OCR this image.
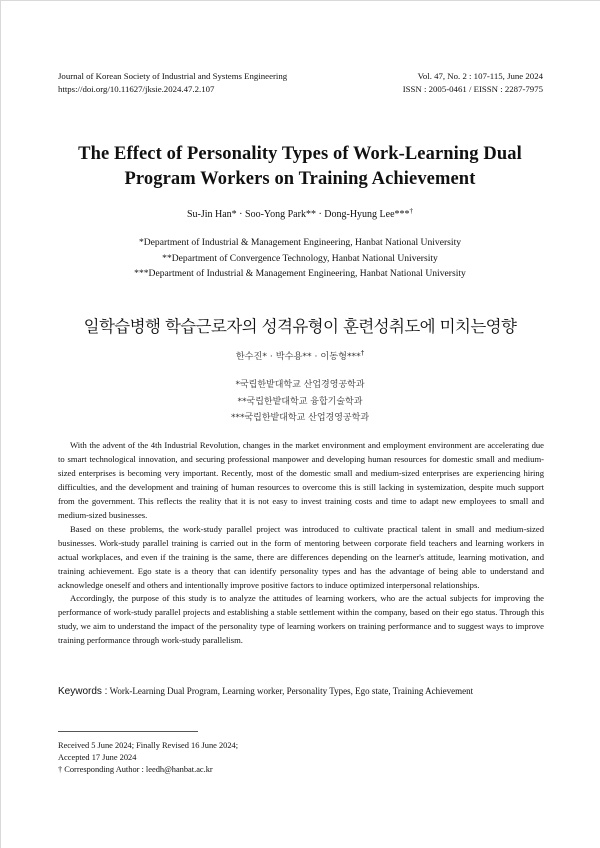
Journal of Korean Society of Industrial and Systems Engineering
https://doi.org/10.11627/jksie.2024.47.2.107
Vol. 47, No. 2 : 107-115, June 2024
ISSN : 2005-0461 / EISSN : 2287-7975
The Effect of Personality Types of Work-Learning Dual
Program Workers on Training Achievement
Su-Jin Han* · Soo-Yong Park** · Dong-Hyung Lee***†
*Department of Industrial & Management Engineering, Hanbat National University
**Department of Convergence Technology, Hanbat National University
***Department of Industrial & Management Engineering, Hanbat National University
일학습병행 학습근로자의 성격유형이 훈련성취도에 미치는영향
한수진* · 박수용** · 이동형***†
*국립한밭대학교 산업경영공학과
**국립한밭대학교 융합기술학과
***국립한밭대학교 산업경영공학과

With the advent of the 4th Industrial Revolution, changes in the market environment and employment environment are accelerating due to smart technological innovation, and securing professional manpower and developing human resources for domestic small and medium-sized enterprises is becoming very important. Recently, most of the domestic small and medium-sized enterprises are experiencing hiring difficulties, and the development and training of human resources to overcome this is still lacking in systemization, despite much support from the government. This reflects the reality that it is not easy to invest training costs and time to adapt new employees to small and medium-sized businesses.

Based on these problems, the work-study parallel project was introduced to cultivate practical talent in small and medium-sized businesses. Work-study parallel training is carried out in the form of mentoring between corporate field teachers and learning workers in actual workplaces, and even if the training is the same, there are differences depending on the learner's attitude, learning motivation, and training achievement. Ego state is a theory that can identify personality types and has the advantage of being able to understand and acknowledge oneself and others and intentionally improve positive factors to induce optimized interpersonal relationships.

Accordingly, the purpose of this study is to analyze the attitudes of learning workers, who are the actual subjects for improving the performance of work-study parallel projects and establishing a stable settlement within the company, based on their ego status. Through this study, we aim to understand the impact of the personality type of learning workers on training performance and to suggest ways to improve training performance through work-study parallelism.

Keywords : Work-Learning Dual Program, Learning worker, Personality Types, Ego state, Training Achievement
Received 5 June 2024; Finally Revised 16 June 2024;
Accepted 17 June 2024
† Corresponding Author : leedh@hanbat.ac.kr
